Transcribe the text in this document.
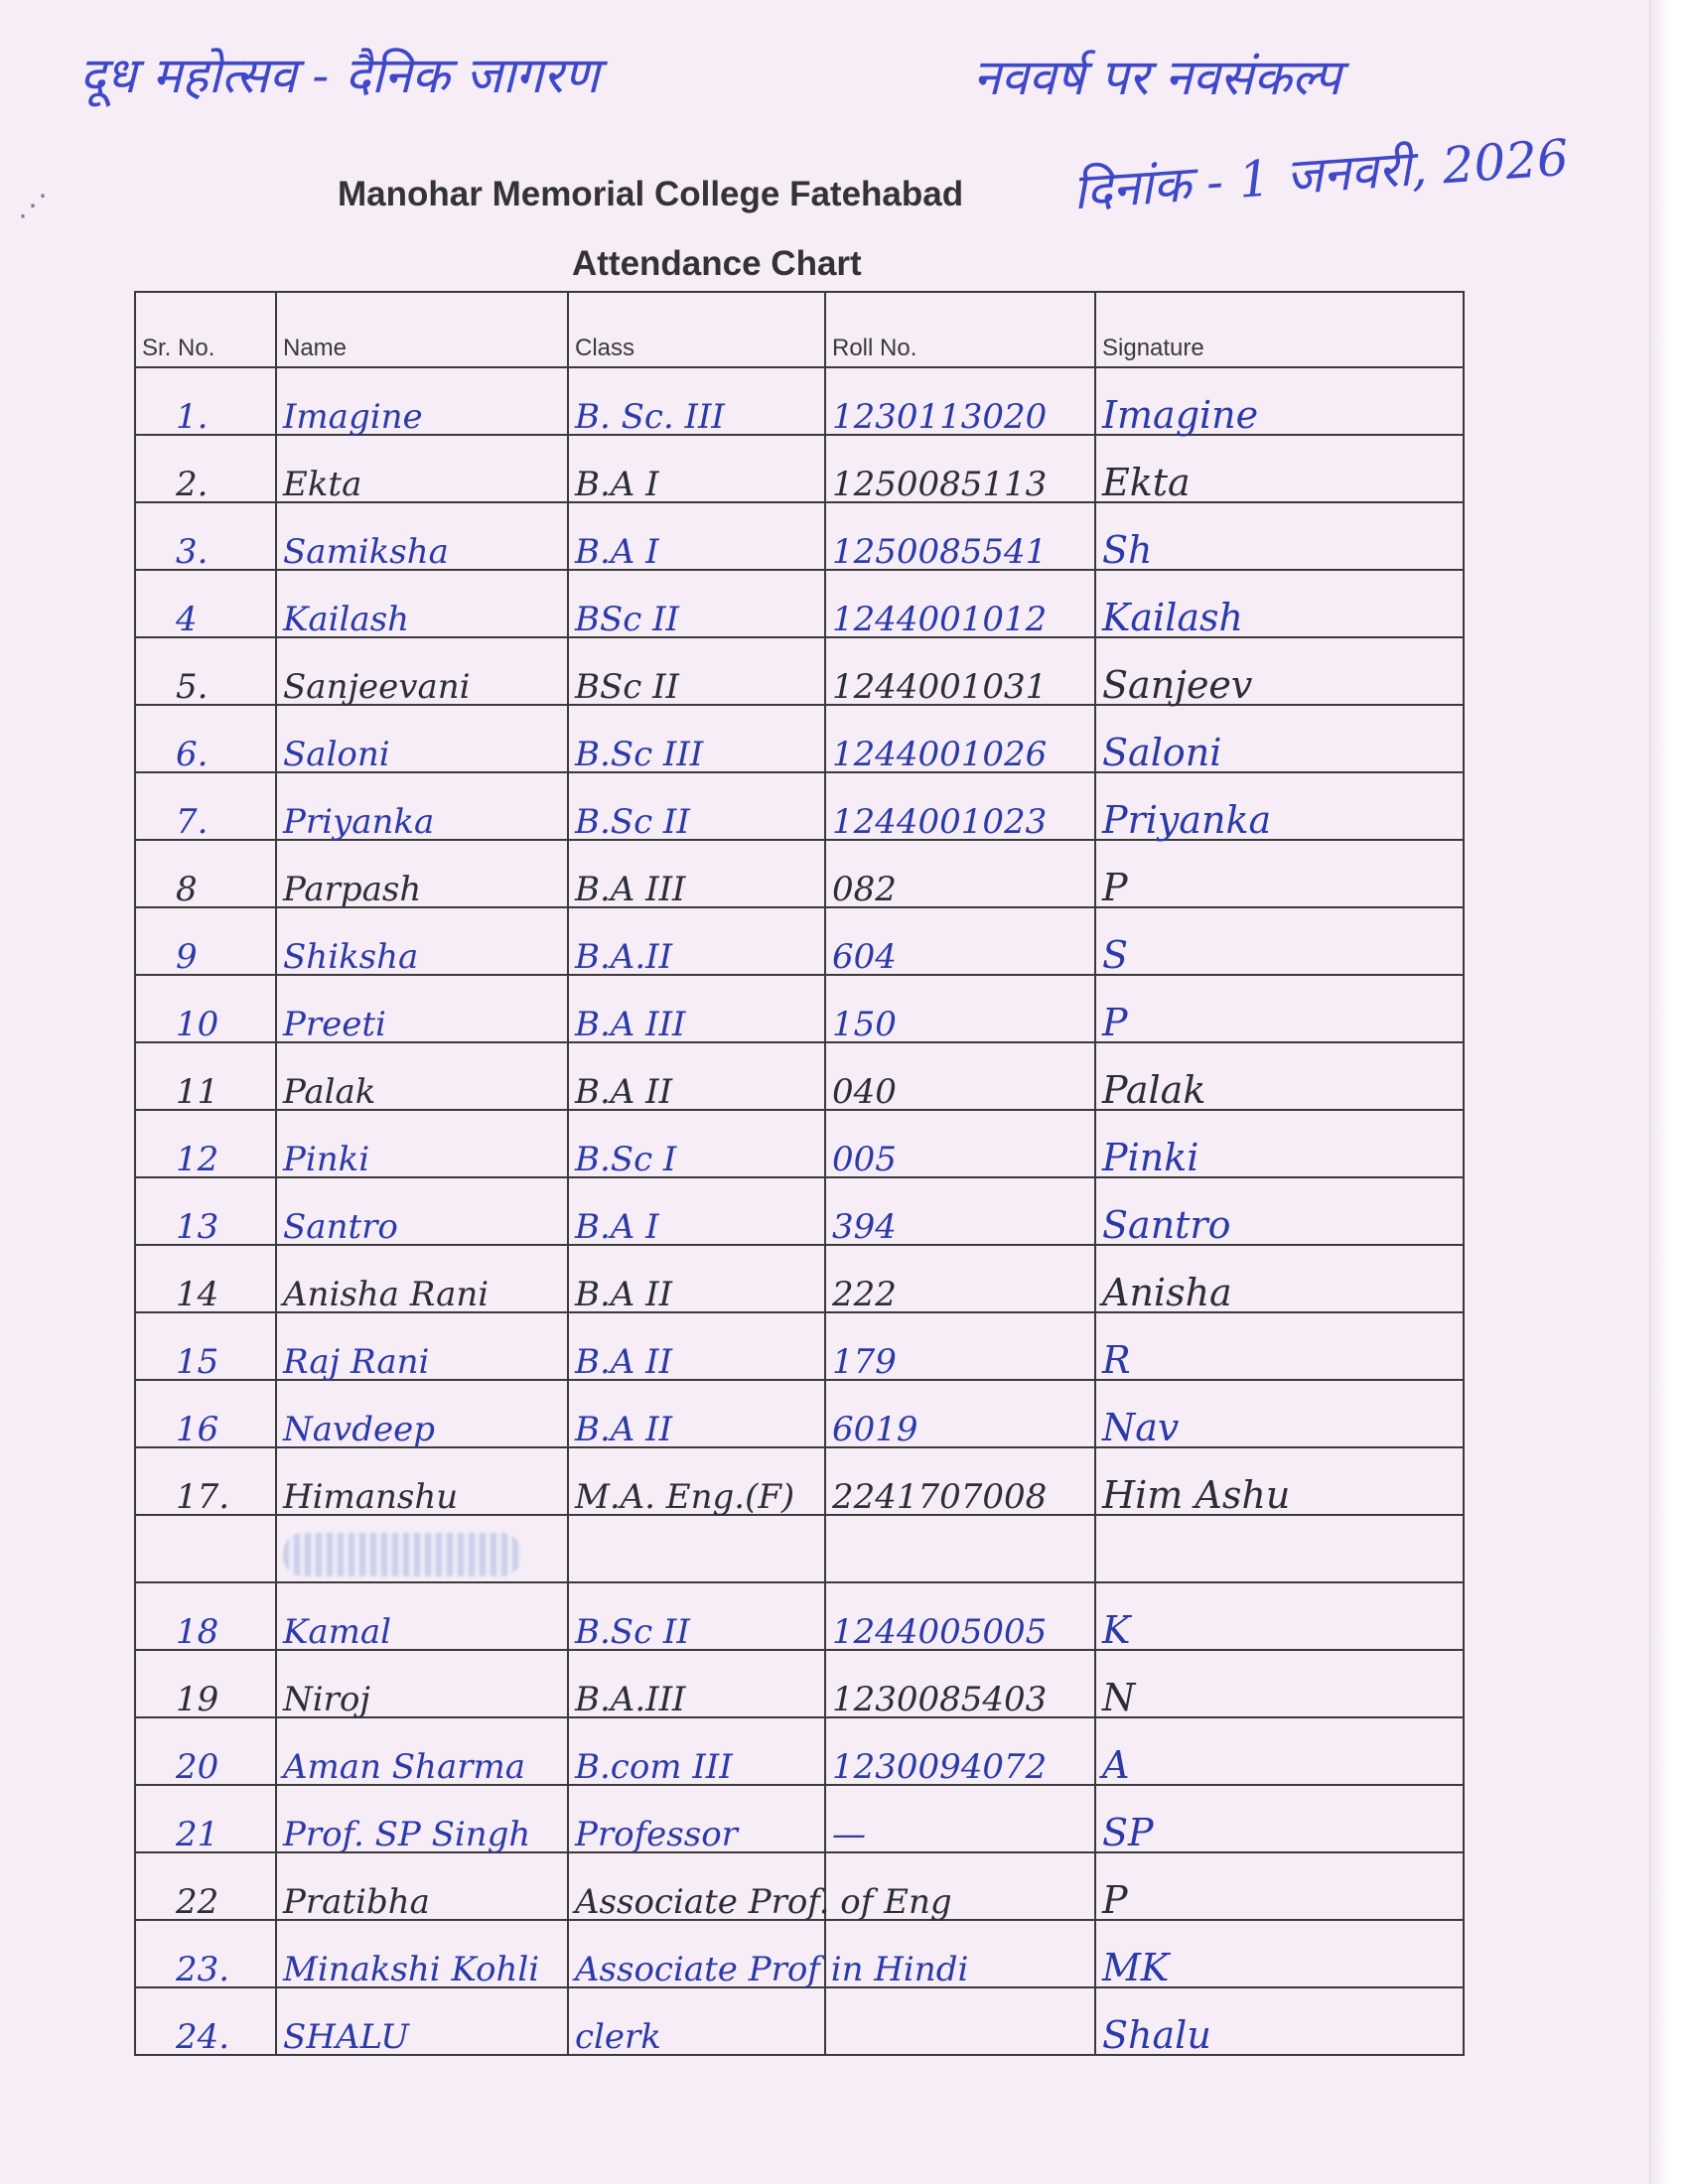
दूध महोत्सव - दैनिक जागरण	नववर्ष पर नवसंकल्प
दिनांक - 1 जनवरी, 2026
Manohar Memorial College Fatehabad
Attendance Chart
Sr. No.	Name	Class	Roll No.	Signature
1.	Imagine	B. Sc. III	1230113020	Imagine
2.	Ekta	B.A I	1250085113	Ekta
3.	Samiksha	B.A I	1250085541	Sh
4	Kailash	BSc II	1244001012	Kailash
5.	Sanjeevani	BSc II	1244001031	Sanjeev
6.	Saloni	B.Sc III	1244001026	Saloni
7.	Priyanka	B.Sc II	1244001023	Priyanka
8	Parpash	B.A III	082	P
9	Shiksha	B.A.II	604	S
10	Preeti	B.A III	150	P
11	Palak	B.A II	040	Palak
12	Pinki	B.Sc I	005	Pinki
13	Santro	B.A I	394	Santro
14	Anisha Rani	B.A II	222	Anisha
15	Raj Rani	B.A II	179	R
16	Navdeep	B.A II	6019	Nav
17.	Himanshu	M.A. Eng.(F)	2241707008	Him Ashu

18	Kamal	B.Sc II	1244005005	K
19	Niroj	B.A.III	1230085403	N
20	Aman Sharma	B.com III	1230094072	A
21	Prof. SP Singh	Professor	—	SP
22	Pratibha	Associate Prof. of Eng		P
23.	Minakshi Kohli	Associate Prof in Hindi		MK
24.	SHALU	clerk		Shalu
⋰
